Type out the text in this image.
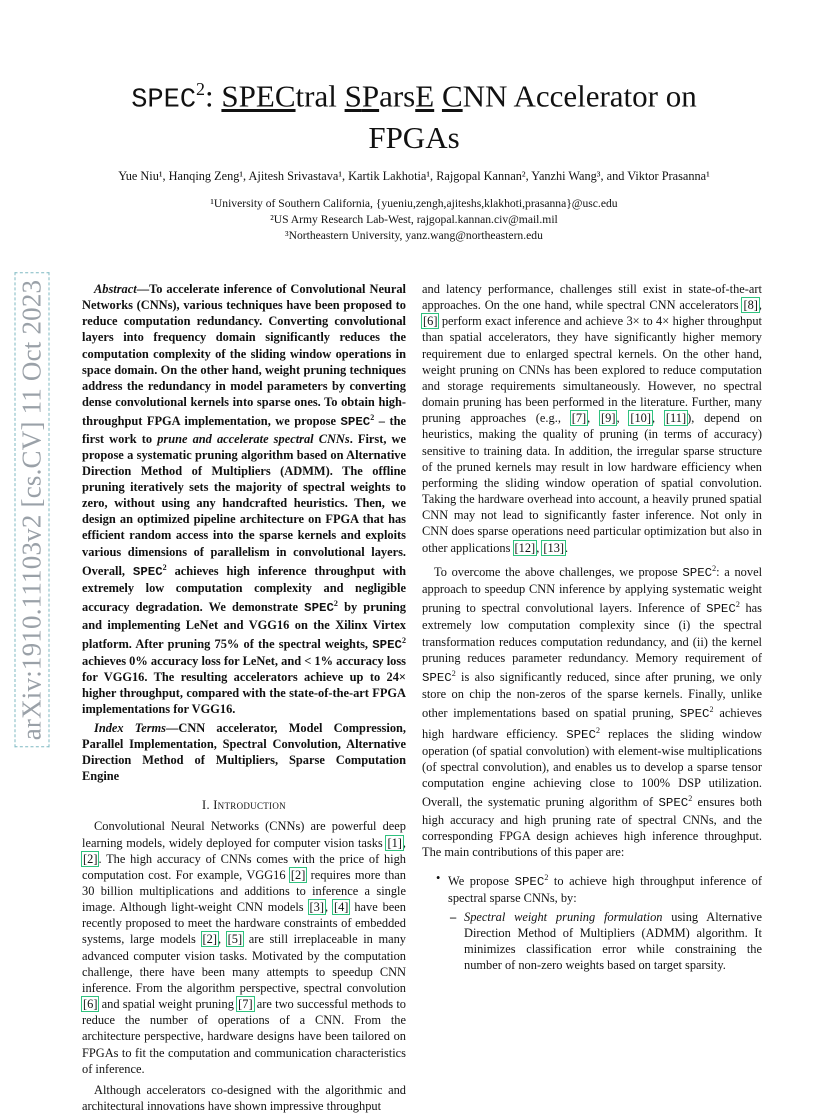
SPEC$^2$: SPECtral SParsE CNN Accelerator on
FPGAs
Yue Niu¹, Hanqing Zeng¹, Ajitesh Srivastava¹, Kartik Lakhotia¹, Rajgopal Kannan², Yanzhi Wang³, and Viktor Prasanna¹
¹University of Southern California, {yueniu,zengh,ajiteshs,klakhoti,prasanna}@usc.edu
²US Army Research Lab-West, rajgopal.kannan.civ@mail.mil
³Northeastern University, yanz.wang@northeastern.edu
arXiv:1910.11103v2 [cs.CV] 11 Oct 2023	Abstract—To accelerate inference of Convolutional Neural Networks (CNNs), various techniques have been proposed to reduce computation redundancy. Converting convolutional layers into frequency domain significantly reduces the computation complexity of the sliding window operations in space domain. On the other hand, weight pruning techniques address the redundancy in model parameters by converting dense convolutional kernels into sparse ones. To obtain high-throughput FPGA implementation, we propose SPEC$^2$ – the first work to prune and accelerate spectral CNNs. First, we propose a systematic pruning algorithm based on Alternative Direction Method of Multipliers (ADMM). The offline pruning iteratively sets the majority of spectral weights to zero, without using any handcrafted heuristics. Then, we design an optimized pipeline architecture on FPGA that has efficient random access into the sparse kernels and exploits various dimensions of parallelism in convolutional layers. Overall, SPEC$^2$ achieves high inference throughput with extremely low computation complexity and negligible accuracy degradation. We demonstrate SPEC$^2$ by pruning and implementing LeNet and VGG16 on the Xilinx Virtex platform. After pruning 75% of the spectral weights, SPEC$^2$ achieves 0% accuracy loss for LeNet, and < 1% accuracy loss for VGG16. The resulting accelerators achieve up to 24× higher throughput, compared with the state-of-the-art FPGA implementations for VGG16.

Index Terms—CNN accelerator, Model Compression, Parallel Implementation, Spectral Convolution, Alternative Direction Method of Multipliers, Sparse Computation Engine

I. Introduction

Convolutional Neural Networks (CNNs) are powerful deep learning models, widely deployed for computer vision tasks [1], [2]. The high accuracy of CNNs comes with the price of high computation cost. For example, VGG16 [2] requires more than 30 billion multiplications and additions to inference a single image. Although light-weight CNN models [3], [4] have been recently proposed to meet the hardware constraints of embedded systems, large models [2], [5] are still irreplaceable in many advanced computer vision tasks. Motivated by the computation challenge, there have been many attempts to speedup CNN inference. From the algorithm perspective, spectral convolution [6] and spatial weight pruning [7] are two successful methods to reduce the number of operations of a CNN. From the architecture perspective, hardware designs have been tailored on FPGAs to fit the computation and communication characteristics of inference.

Although accelerators co-designed with the algorithmic and architectural innovations have shown impressive throughput

and latency performance, challenges still exist in state-of-the-art approaches. On the one hand, while spectral CNN accelerators [8], [6] perform exact inference and achieve 3× to 4× higher throughput than spatial accelerators, they have significantly higher memory requirement due to enlarged spectral kernels. On the other hand, weight pruning on CNNs has been explored to reduce computation and storage requirements simultaneously. However, no spectral domain pruning has been performed in the literature. Further, many pruning approaches (e.g., [7], [9], [10], [11]), depend on heuristics, making the quality of pruning (in terms of accuracy) sensitive to training data. In addition, the irregular sparse structure of the pruned kernels may result in low hardware efficiency when performing the sliding window operation of spatial convolution. Taking the hardware overhead into account, a heavily pruned spatial CNN may not lead to significantly faster inference. Not only in CNN does sparse operations need particular optimization but also in other applications [12], [13].

To overcome the above challenges, we propose SPEC$^2$: a novel approach to speedup CNN inference by applying systematic weight pruning to spectral convolutional layers. Inference of SPEC$^2$ has extremely low computation complexity since (i) the spectral transformation reduces computation redundancy, and (ii) the kernel pruning reduces parameter redundancy. Memory requirement of SPEC$^2$ is also significantly reduced, since after pruning, we only store on chip the non-zeros of the sparse kernels. Finally, unlike other implementations based on spatial pruning, SPEC$^2$ achieves high hardware efficiency. SPEC$^2$ replaces the sliding window operation (of spatial convolution) with element-wise multiplications (of spectral convolution), and enables us to develop a sparse tensor computation engine achieving close to 100% DSP utilization. Overall, the systematic pruning algorithm of SPEC$^2$ ensures both high accuracy and high pruning rate of spectral CNNs, and the corresponding FPGA design achieves high inference throughput. The main contributions of this paper are:

• We propose SPEC$^2$ to achieve high throughput inference of spectral sparse CNNs, by:
– Spectral weight pruning formulation using Alternative Direction Method of Multipliers (ADMM) algorithm. It minimizes classification error while constraining the number of non-zero weights based on target sparsity.
